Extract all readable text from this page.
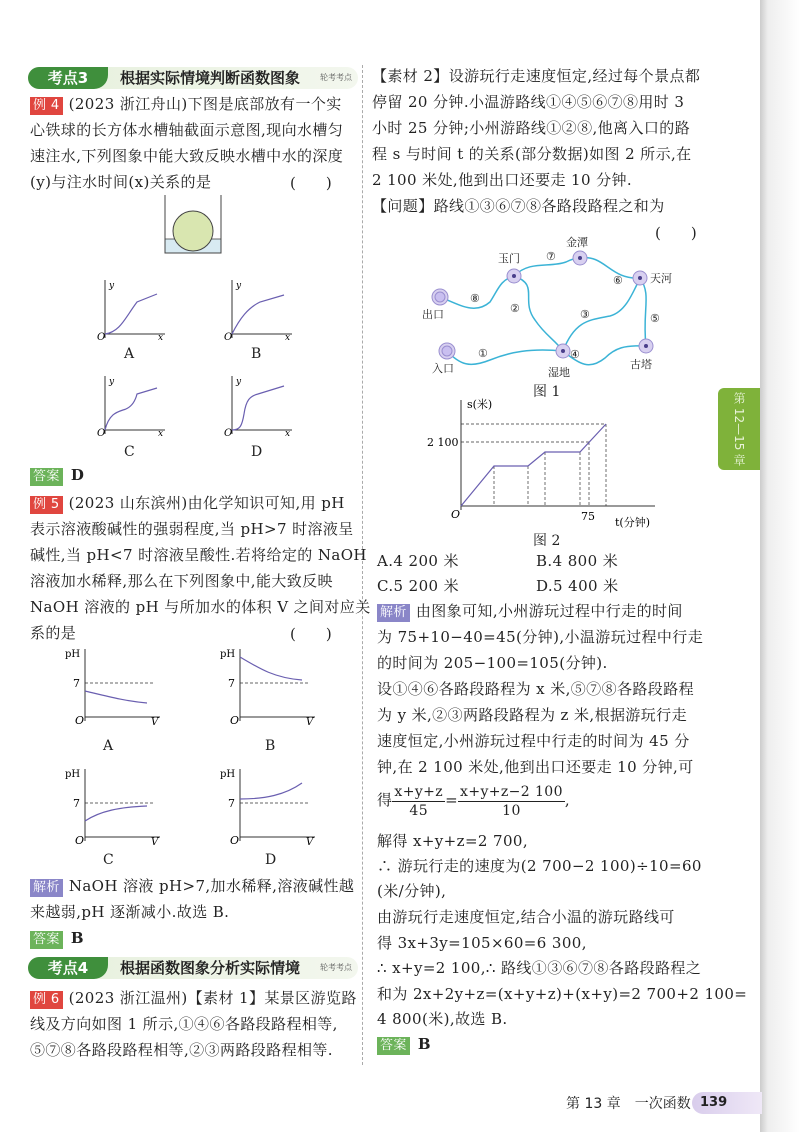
第 12—15 章
考点3	根据实际情境判断函数图象 轮考考点
例 4 (2023 浙江舟山)下图是底部放有一个实
心铁球的长方体水槽轴截面示意图,现向水槽匀
速注水,下列图象中能大致反映水槽中水的深度
(y)与注水时间(x)关系的是	(　　)
y
O	x
y
O	x
A	B
y
O	x
y
O	x
C	D
答案 D
例 5 (2023 山东滨州)由化学知识可知,用 pH
表示溶液酸碱性的强弱程度,当 pH>7 时溶液呈
碱性,当 pH<7 时溶液呈酸性.若将给定的 NaOH
溶液加水稀释,那么在下列图象中,能大致反映
NaOH 溶液的 pH 与所加水的体积 V 之间对应关
系的是	(　　)
pH
7
O	V
pH
7
O	V
A	B
pH
7
O	V
pH
7
O	V
C	D
解析 NaOH 溶液 pH>7,加水稀释,溶液碱性越
来越弱,pH 逐渐减小.故选 B.
答案 B
考点4	根据函数图象分析实际情境 轮考考点
例 6 (2023 浙江温州)【素材 1】某景区游览路
线及方向如图 1 所示,①④⑥各路段路程相等,
⑤⑦⑧各路段路程相等,②③两路段路程相等.
【素材 2】设游玩行走速度恒定,经过每个景点都
停留 20 分钟.小温游路线①④⑤⑥⑦⑧用时 3
小时 25 分钟;小州游路线①②⑧,他离入口的路
程 s 与时间 t 的关系(部分数据)如图 2 所示,在
2 100 米处,他到出口还要走 10 分钟.
【问题】路线①③⑥⑦⑧各路段路程之和为
(　　)
出口
入口	湿地
玉门
金潭
天河
古塔
①
②	③
④
⑤
⑥
⑦
⑧
图 1
s(米)
2 100
O	75 t(分钟)
图 2
A.4 200 米	B.4 800 米
C.5 200 米	D.5 400 米
解析 由图象可知,小州游玩过程中行走的时间
为 75+10−40=45(分钟),小温游玩过程中行走
的时间为 205−100=105(分钟).
设①④⑥各路段路程为 x 米,⑤⑦⑧各路段路程
为 y 米,②③两路段路程为 z 米,根据游玩行走
速度恒定,小州游玩过程中行走的时间为 45 分
钟,在 2 100 米处,他到出口还要走 10 分钟,可
得 $\frac{x+y+z}{45} = \frac{x+y+z-2 100}{10}$ ,
解得 x+y+z=2 700,
∴ 游玩行走的速度为(2 700−2 100)÷10=60
(米/分钟),
由游玩行走速度恒定,结合小温的游玩路线可
得 3x+3y=105×60=6 300,
∴ x+y=2 100,∴ 路线①③⑥⑦⑧各路段路程之
和为 2x+2y+z=(x+y+z)+(x+y)=2 700+2 100=
4 800(米),故选 B.
答案 B
第 13 章　一次函数 139
